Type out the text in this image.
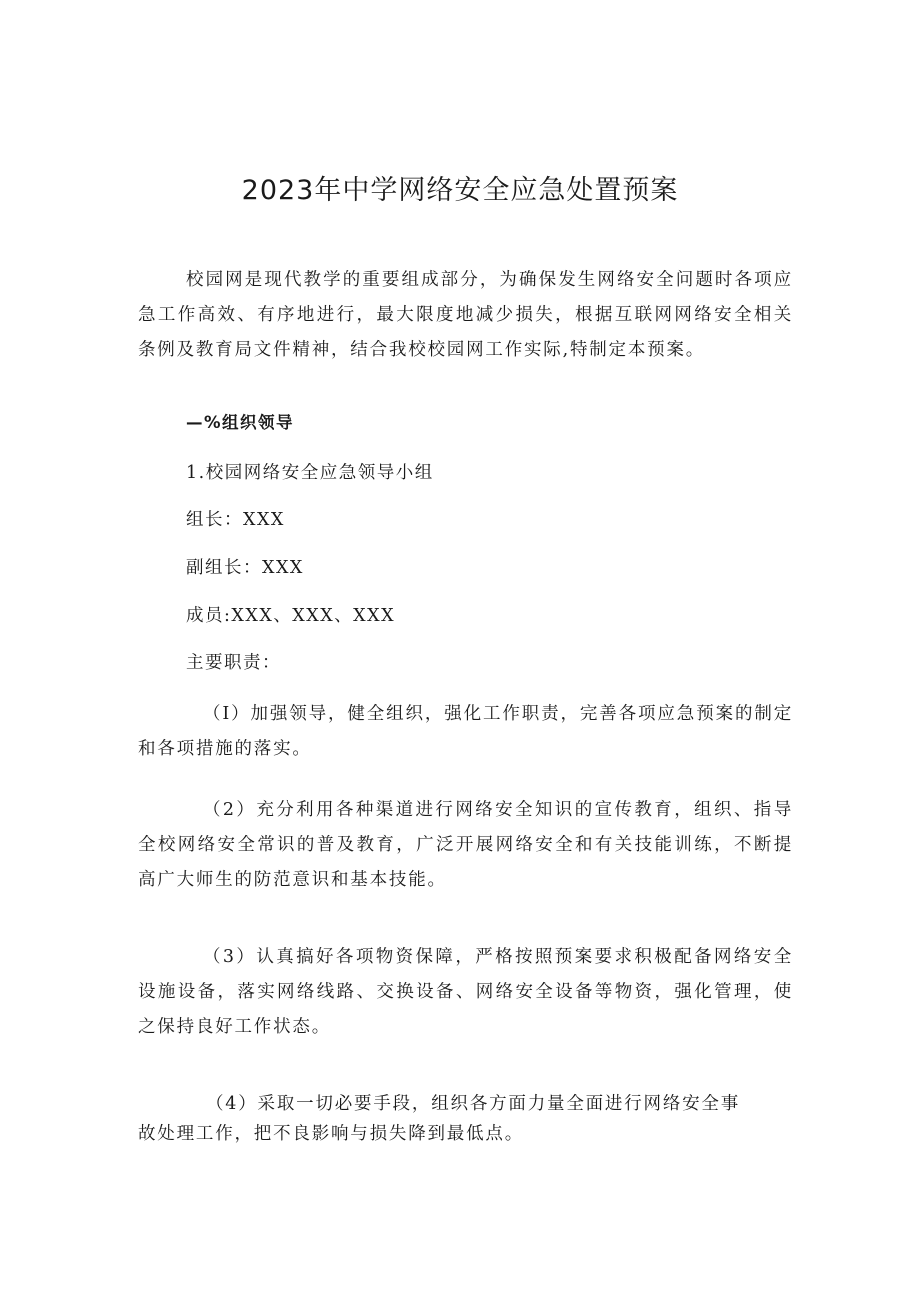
2023年中学网络安全应急处置预案

校园网是现代教学的重要组成部分，为确保发生网络安全问题时各项应急工作高效、有序地进行，最大限度地减少损失，根据互联网网络安全相关条例及教育局文件精神，结合我校校园网工作实际,特制定本预案。

—%组织领导

1.校园网络安全应急领导小组

组长：XXX

副组长：XXX

成员:XXX、XXX、XXX

主要职责：

（I）加强领导，健全组织，强化工作职责，完善各项应急预案的制定和各项措施的落实。

（2）充分利用各种渠道进行网络安全知识的宣传教育，组织、指导全校网络安全常识的普及教育，广泛开展网络安全和有关技能训练，不断提高广大师生的防范意识和基本技能。

（3）认真搞好各项物资保障，严格按照预案要求积极配备网络安全设施设备，落实网络线路、交换设备、网络安全设备等物资，强化管理，使之保持良好工作状态。

（4）采取一切必要手段，组织各方面力量全面进行网络安全事

故处理工作，把不良影响与损失降到最低点。
